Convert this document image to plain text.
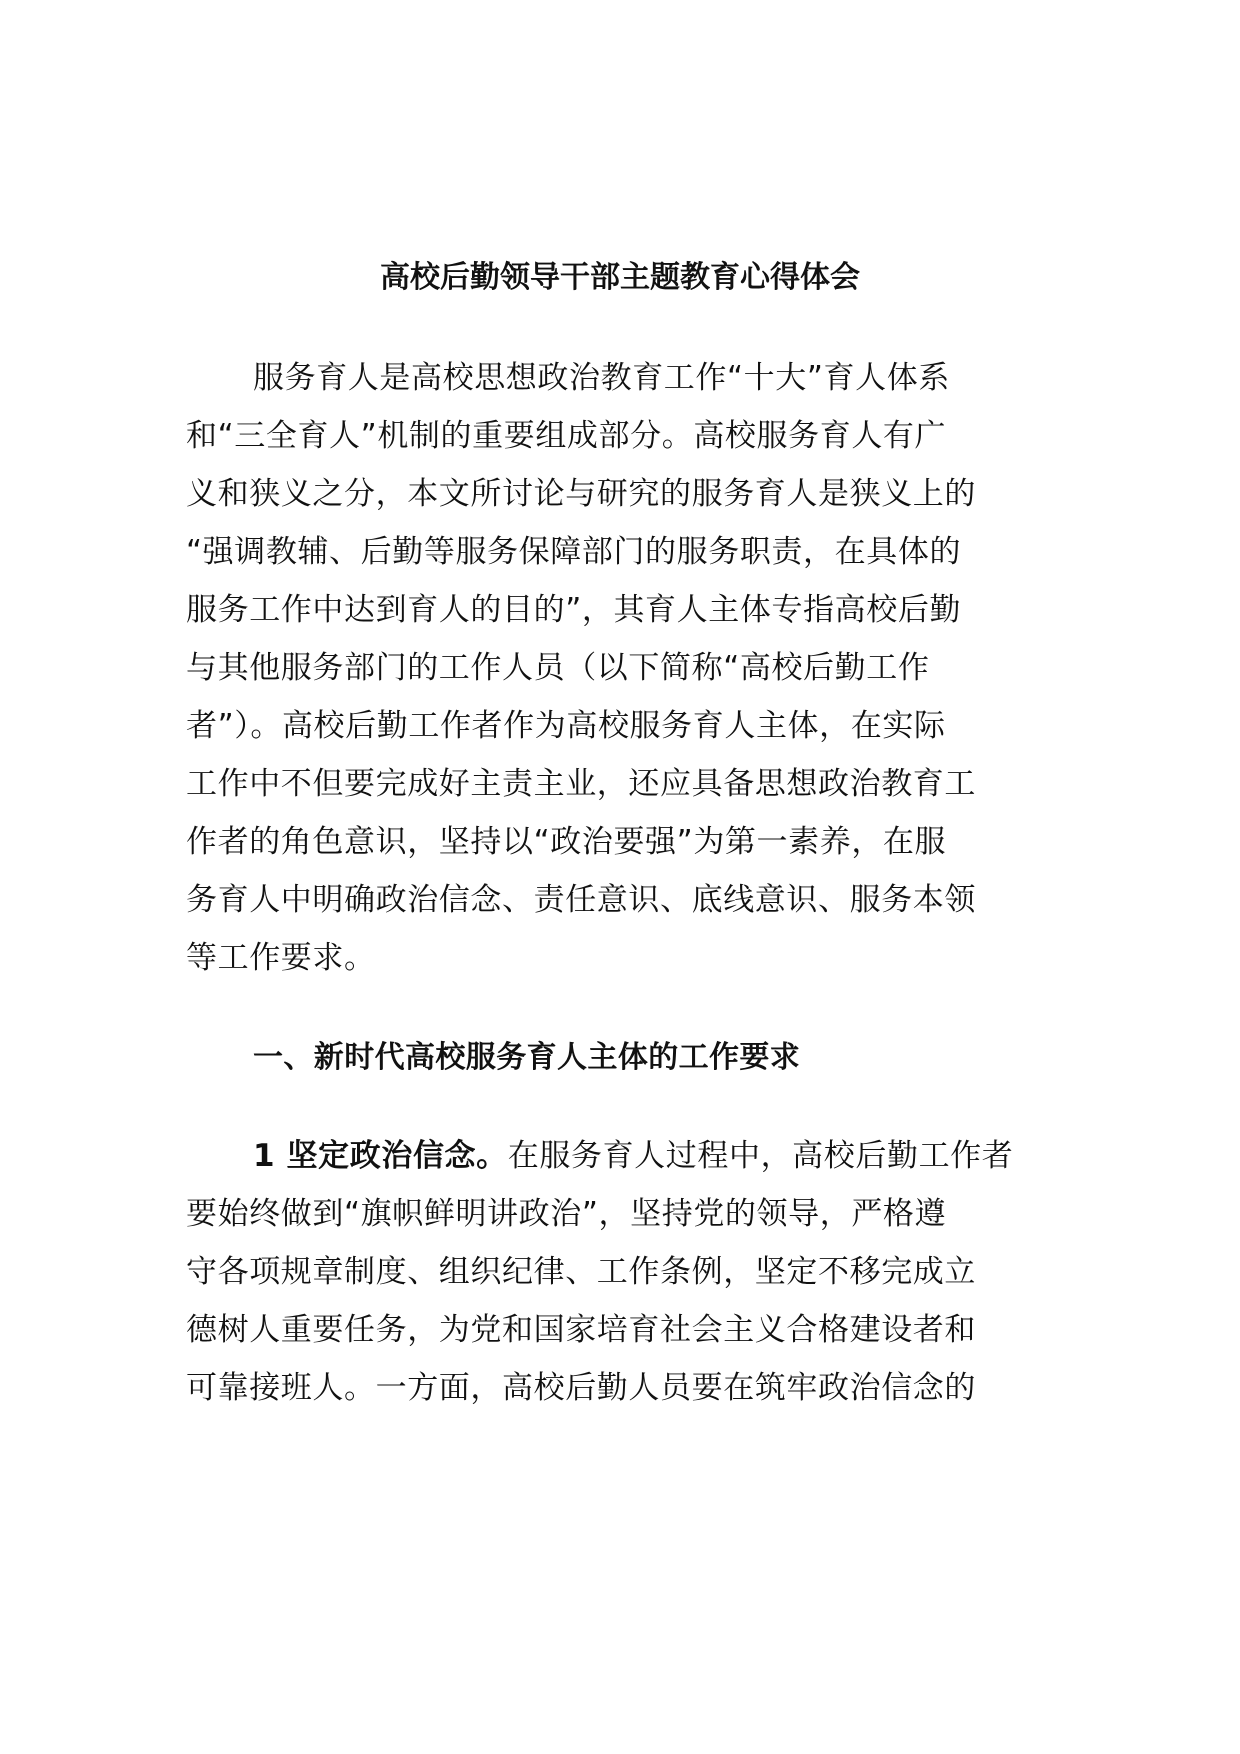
高校后勤领导干部主题教育心得体会
服务育人是高校思想政治教育工作“十大”育人体系
和“三全育人”机制的重要组成部分。高校服务育人有广
义和狭义之分，本文所讨论与研究的服务育人是狭义上的
“强调教辅、后勤等服务保障部门的服务职责，在具体的
服务工作中达到育人的目的”，其育人主体专指高校后勤
与其他服务部门的工作人员（以下简称“高校后勤工作
者”）。高校后勤工作者作为高校服务育人主体，在实际
工作中不但要完成好主责主业，还应具备思想政治教育工
作者的角色意识，坚持以“政治要强”为第一素养，在服
务育人中明确政治信念、责任意识、底线意识、服务本领
等工作要求。
一、新时代高校服务育人主体的工作要求
1 坚定政治信念。在服务育人过程中，高校后勤工作者
要始终做到“旗帜鲜明讲政治”，坚持党的领导，严格遵
守各项规章制度、组织纪律、工作条例，坚定不移完成立
德树人重要任务，为党和国家培育社会主义合格建设者和
可靠接班人。一方面，高校后勤人员要在筑牢政治信念的
